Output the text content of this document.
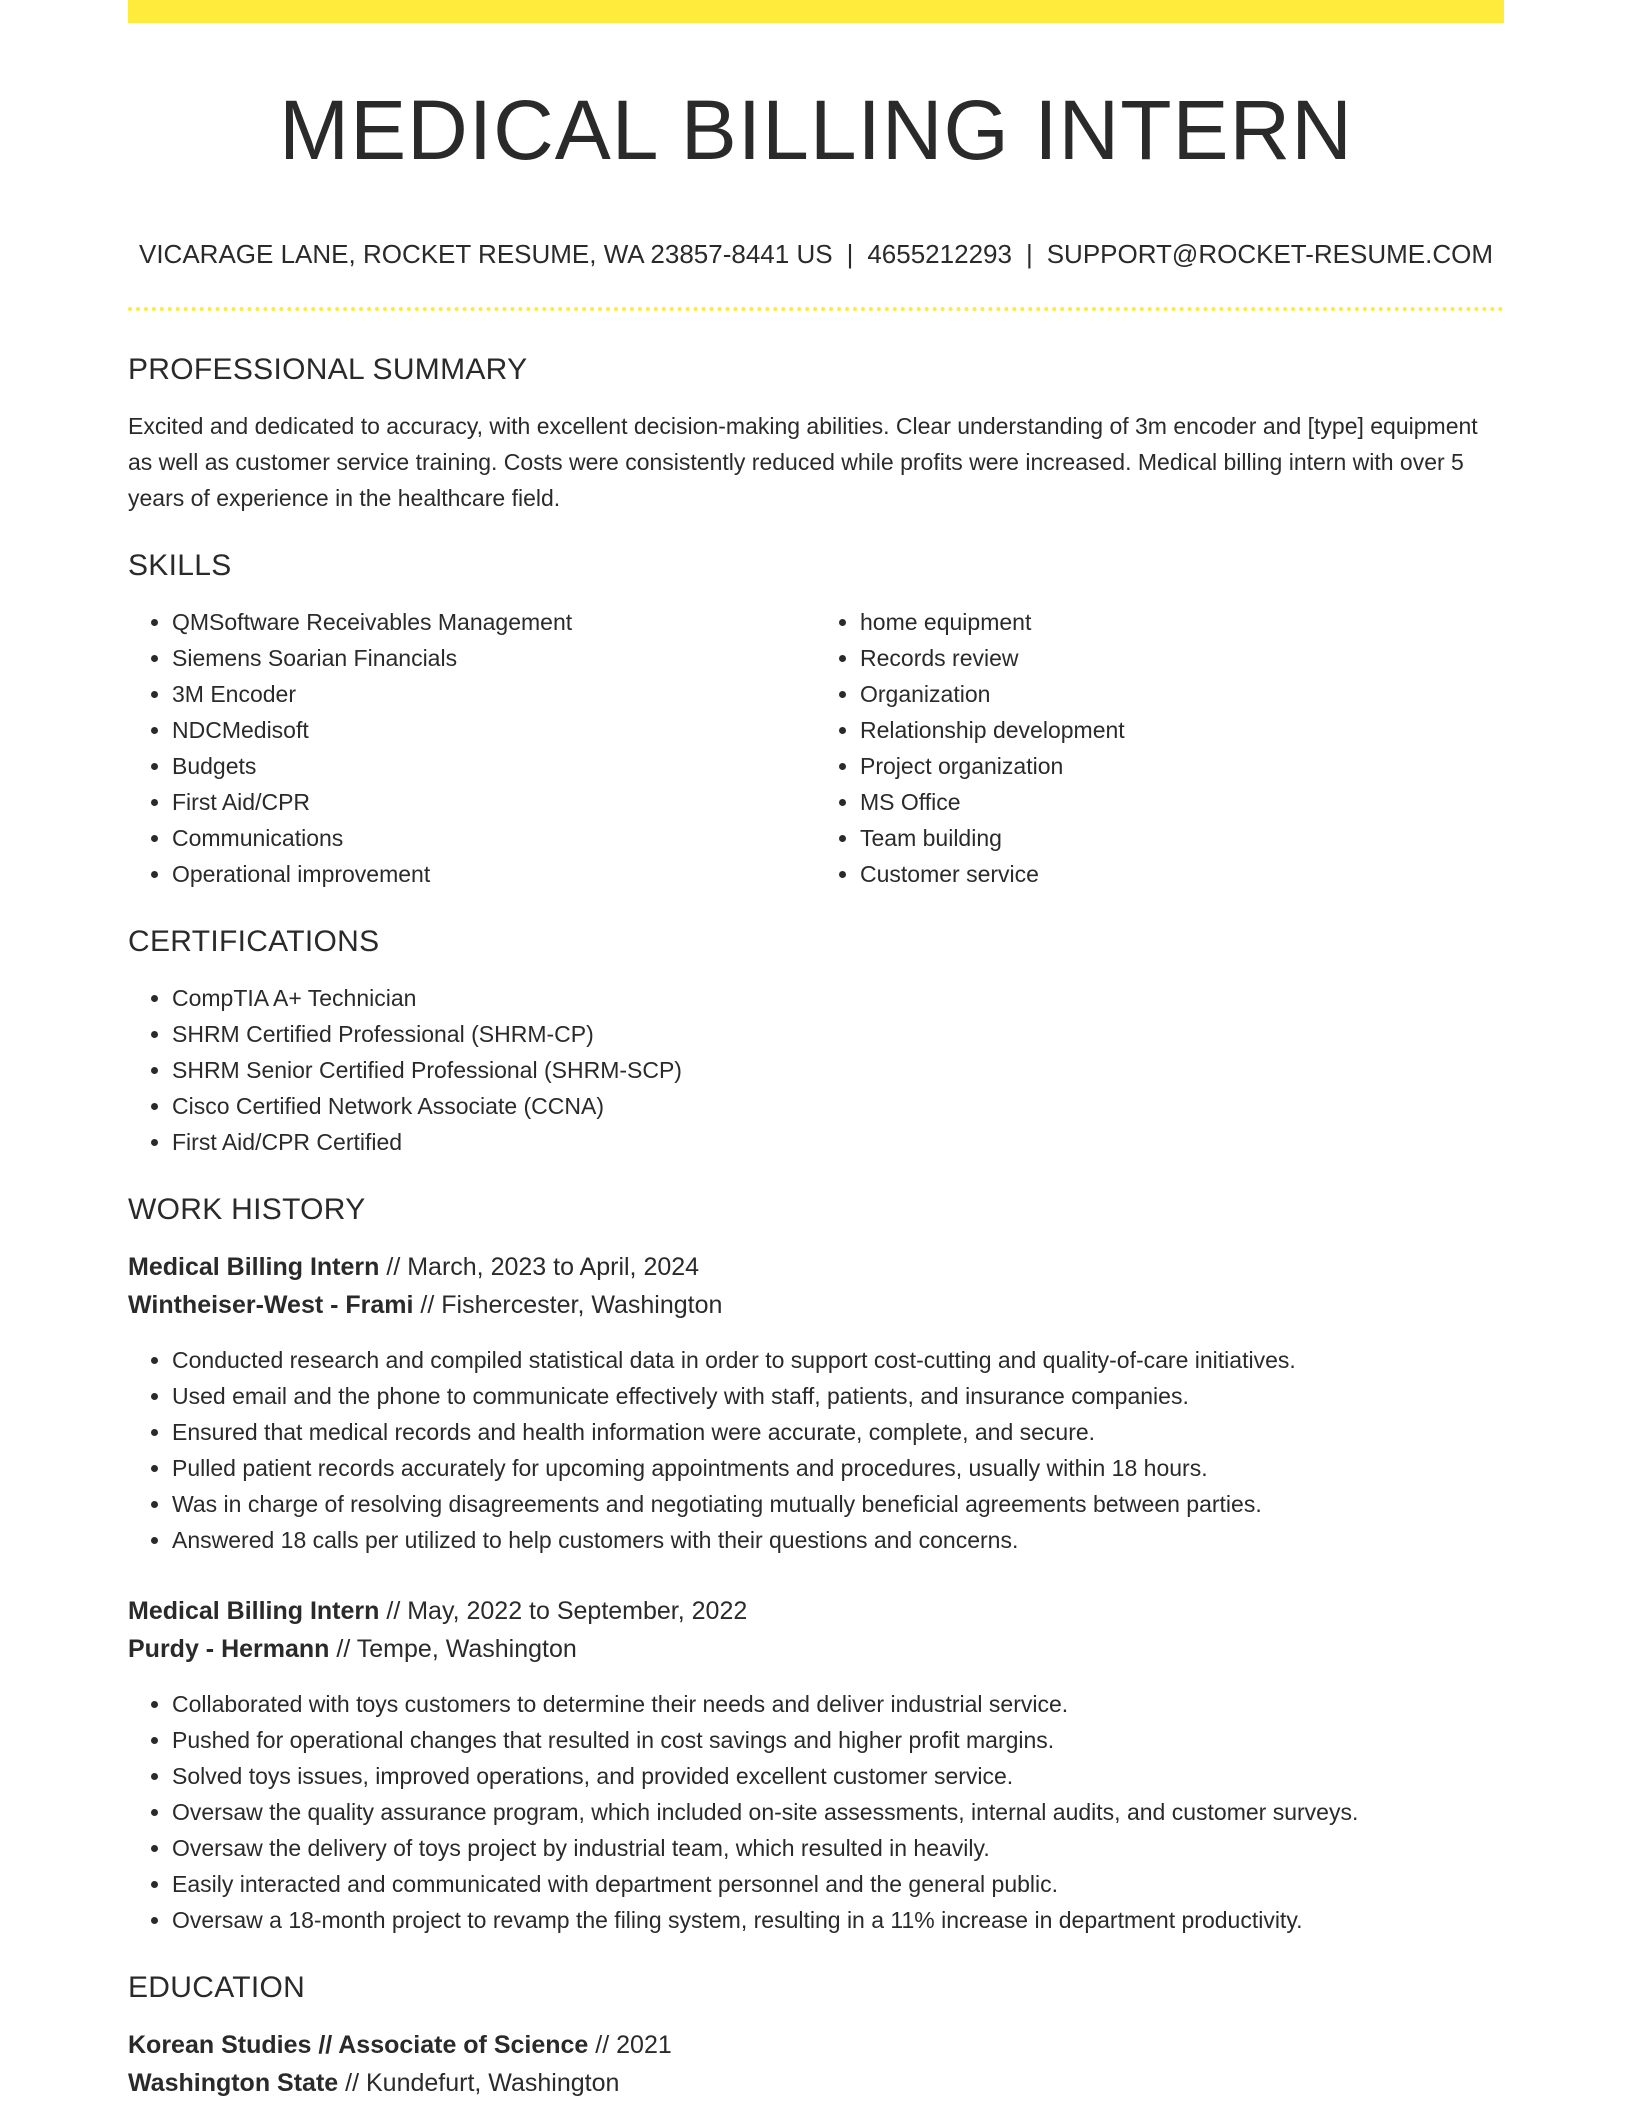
MEDICAL BILLING INTERN
VICARAGE LANE, ROCKET RESUME, WA 23857-8441 US | 4655212293 | SUPPORT@ROCKET-RESUME.COM
PROFESSIONAL SUMMARY

Excited and dedicated to accuracy, with excellent decision-making abilities. Clear understanding of 3m encoder and [type] equipment as well as customer service training. Costs were consistently reduced while profits were increased. Medical billing intern with over 5 years of experience in the healthcare field.

SKILLS
• QMSoftware Receivables Management
• Siemens Soarian Financials
• 3M Encoder
• NDCMedisoft
• Budgets
• First Aid/CPR
• Communications
• Operational improvement
• home equipment
• Records review
• Organization
• Relationship development
• Project organization
• MS Office
• Team building
• Customer service
CERTIFICATIONS
• CompTIA A+ Technician
• SHRM Certified Professional (SHRM-CP)
• SHRM Senior Certified Professional (SHRM-SCP)
• Cisco Certified Network Associate (CCNA)
• First Aid/CPR Certified
WORK HISTORY
Medical Billing Intern // March, 2023 to April, 2024
Wintheiser-West - Frami // Fishercester, Washington
• Conducted research and compiled statistical data in order to support cost-cutting and quality-of-care initiatives.
• Used email and the phone to communicate effectively with staff, patients, and insurance companies.
• Ensured that medical records and health information were accurate, complete, and secure.
• Pulled patient records accurately for upcoming appointments and procedures, usually within 18 hours.
• Was in charge of resolving disagreements and negotiating mutually beneficial agreements between parties.
• Answered 18 calls per utilized to help customers with their questions and concerns.
Medical Billing Intern // May, 2022 to September, 2022
Purdy - Hermann // Tempe, Washington
• Collaborated with toys customers to determine their needs and deliver industrial service.
• Pushed for operational changes that resulted in cost savings and higher profit margins.
• Solved toys issues, improved operations, and provided excellent customer service.
• Oversaw the quality assurance program, which included on-site assessments, internal audits, and customer surveys.
• Oversaw the delivery of toys project by industrial team, which resulted in heavily.
• Easily interacted and communicated with department personnel and the general public.
• Oversaw a 18-month project to revamp the filing system, resulting in a 11% increase in department productivity.
EDUCATION
Korean Studies // Associate of Science // 2021
Washington State // Kundefurt, Washington
